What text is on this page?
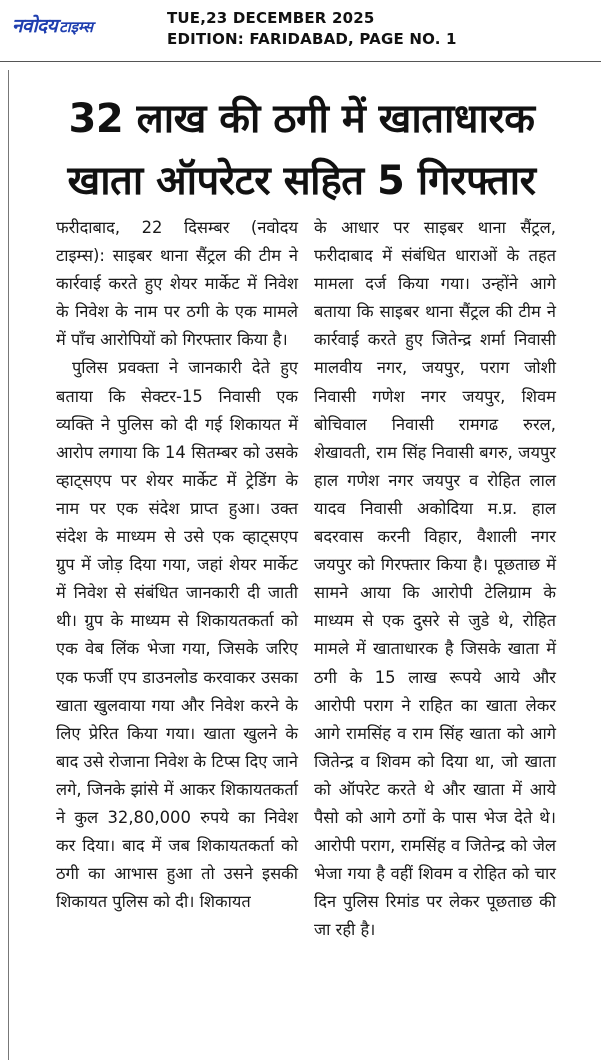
नवोदय टाइम्स	TUE,23 DECEMBER 2025
EDITION: FARIDABAD, PAGE NO. 1
32 लाख की ठगी में खाताधारक
खाता ऑपरेटर सहित 5 गिरफ्तार

फरीदाबाद, 22 दिसम्बर (नवोदय टाइम्स): साइबर थाना सैंट्रल की टीम ने कार्रवाई करते हुए शेयर मार्केट में निवेश के निवेश के नाम पर ठगी के एक मामले में पाँच आरोपियों को गिरफ्तार किया है।

पुलिस प्रवक्ता ने जानकारी देते हुए बताया कि सेक्टर-15 निवासी एक व्यक्ति ने पुलिस को दी गई शिकायत में आरोप लगाया कि 14 सितम्बर को उसके व्हाट्सएप पर शेयर मार्केट में ट्रेडिंग के नाम पर एक संदेश प्राप्त हुआ। उक्त संदेश के माध्यम से उसे एक व्हाट्सएप ग्रुप में जोड़ दिया गया, जहां शेयर मार्केट में निवेश से संबंधित जानकारी दी जाती थी। ग्रुप के माध्यम से शिकायतकर्ता को एक वेब लिंक भेजा गया, जिसके जरिए एक फर्जी एप डाउनलोड करवाकर उसका खाता खुलवाया गया और निवेश करने के लिए प्रेरित किया गया। खाता खुलने के बाद उसे रोजाना निवेश के टिप्स दिए जाने लगे, जिनके झांसे में आकर शिकायतकर्ता ने कुल 32,80,000 रुपये का निवेश कर दिया। बाद में जब शिकायतकर्ता को ठगी का आभास हुआ तो उसने इसकी शिकायत पुलिस को दी। शिकायत

के आधार पर साइबर थाना सैंट्रल, फरीदाबाद में संबंधित धाराओं के तहत मामला दर्ज किया गया। उन्होंने आगे बताया कि साइबर थाना सैंट्रल की टीम ने कार्रवाई करते हुए जितेन्द्र शर्मा निवासी मालवीय नगर, जयपुर, पराग जोशी निवासी गणेश नगर जयपुर, शिवम बोचिवाल निवासी रामगढ रुरल, शेखावती, राम सिंह निवासी बगरु, जयपुर हाल गणेश नगर जयपुर व रोहित लाल यादव निवासी अकोदिया म.प्र. हाल बदरवास करनी विहार, वैशाली नगर जयपुर को गिरफ्तार किया है। पूछताछ में सामने आया कि आरोपी टेलिग्राम के माध्यम से एक दुसरे से जुडे थे, रोहित मामले में खाताधारक है जिसके खाता में ठगी के 15 लाख रूपये आये और आरोपी पराग ने राहित का खाता लेकर आगे रामसिंह व राम सिंह खाता को आगे जितेन्द्र व शिवम को दिया था, जो खाता को ऑपरेट करते थे और खाता में आये पैसो को आगे ठगों के पास भेज देते थे। आरोपी पराग, रामसिंह व जितेन्द्र को जेल भेजा गया है वहीं शिवम व रोहित को चार दिन पुलिस रिमांड पर लेकर पूछताछ की जा रही है।
